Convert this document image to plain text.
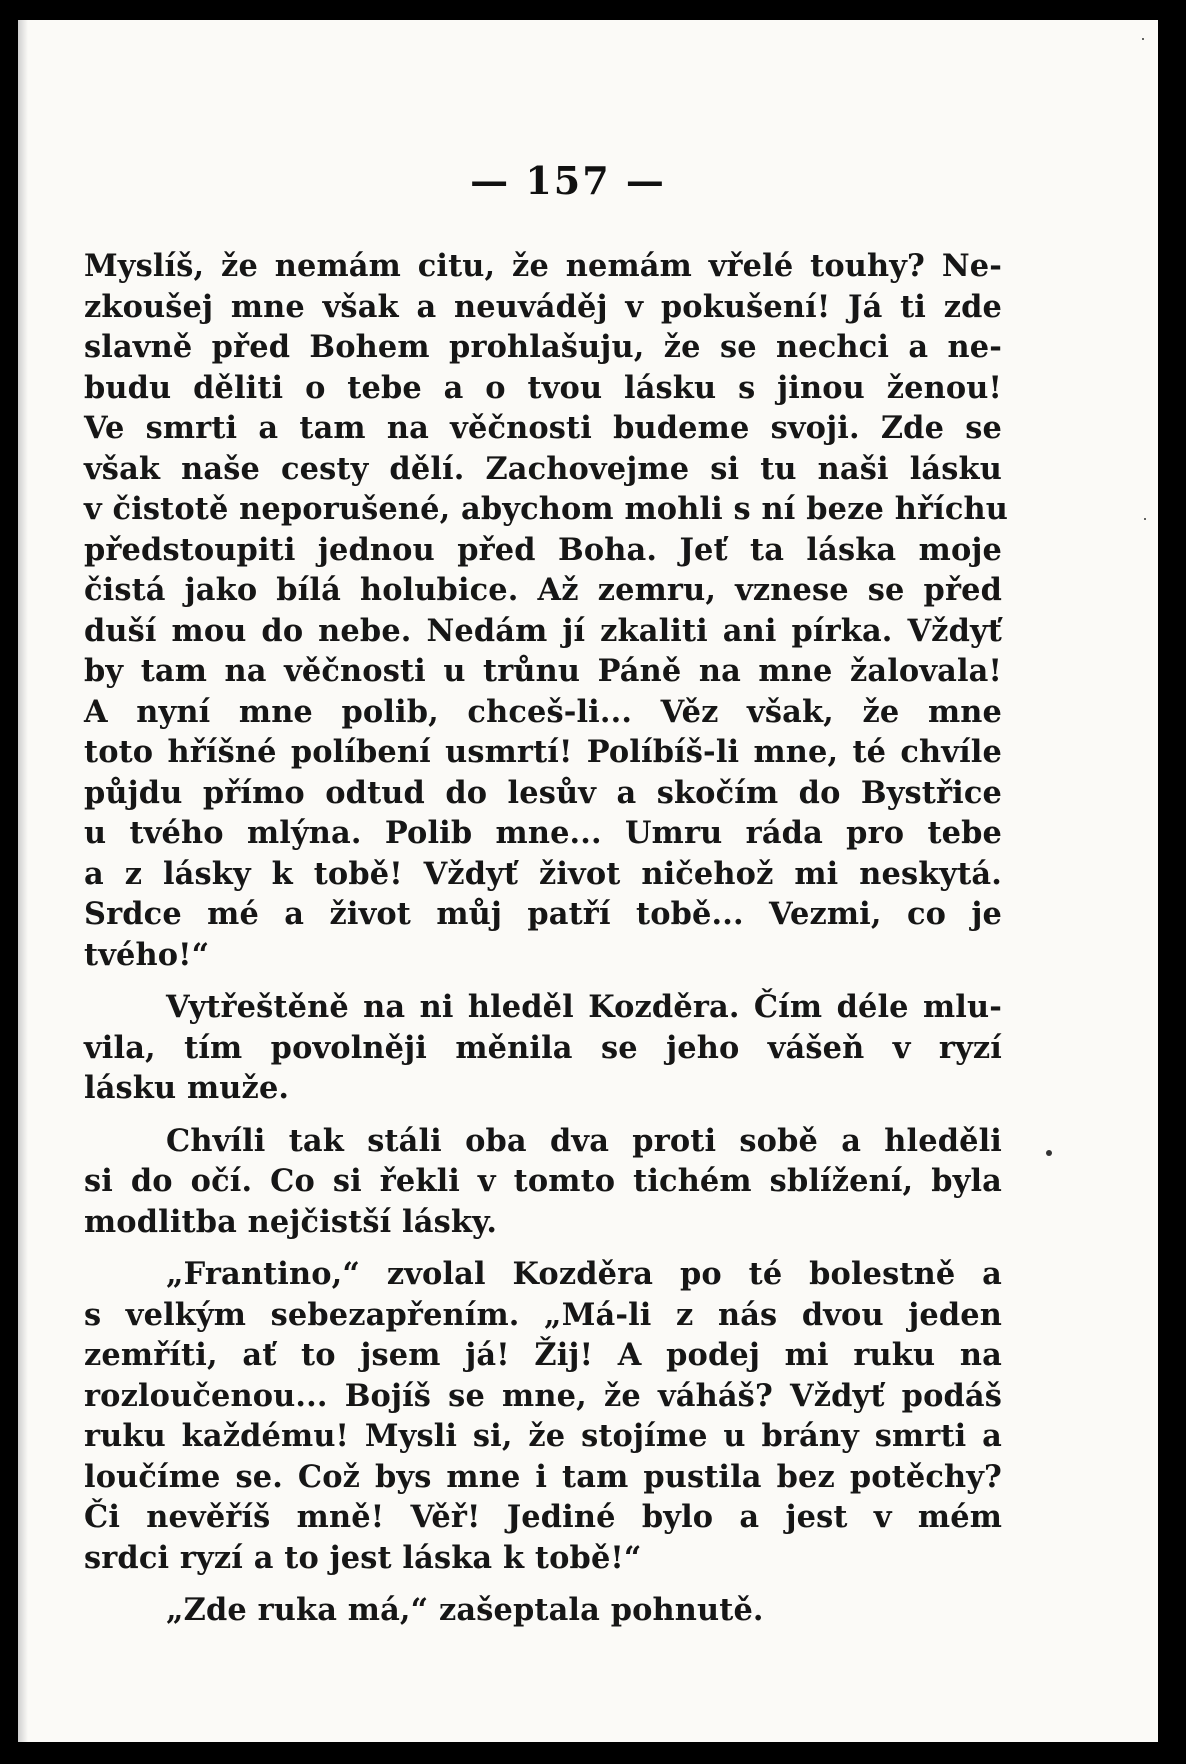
— 157 —

Myslíš, že nemám citu, že nemám vřelé touhy? Ne-
zkoušej mne však a neuváděj v pokušení! Já ti zde
slavně před Bohem prohlašuju, že se nechci a ne-
budu děliti o tebe a o tvou lásku s jinou ženou!
Ve smrti a tam na věčnosti budeme svoji. Zde se
však naše cesty dělí. Zachovejme si tu naši lásku
v čistotě neporušené, abychom mohli s ní beze hříchu
předstoupiti jednou před Boha. Jeť ta láska moje
čistá jako bílá holubice. Až zemru, vznese se před
duší mou do nebe. Nedám jí zkaliti ani pírka. Vždyť
by tam na věčnosti u trůnu Páně na mne žalovala!
A nyní mne polib, chceš-li... Věz však, že mne
toto hříšné políbení usmrtí! Políbíš-li mne, té chvíle
půjdu přímo odtud do lesův a skočím do Bystřice
u tvého mlýna. Polib mne... Umru ráda pro tebe
a z lásky k tobě! Vždyť život ničehož mi neskytá.
Srdce mé a život můj patří tobě... Vezmi, co je
tvého!“

Vytřeštěně na ni hleděl Kozděra. Čím déle mlu-
vila, tím povolněji měnila se jeho vášeň v ryzí
lásku muže.

Chvíli tak stáli oba dva proti sobě a hleděli
si do očí. Co si řekli v tomto tichém sblížení, byla
modlitba nejčistší lásky.

„Frantino,“ zvolal Kozděra po té bolestně a
s velkým sebezapřením. „Má-li z nás dvou jeden
zemříti, ať to jsem já! Žij! A podej mi ruku na
rozloučenou... Bojíš se mne, že váháš? Vždyť podáš
ruku každému! Mysli si, že stojíme u brány smrti a
loučíme se. Což bys mne i tam pustila bez potěchy?
Či nevěříš mně! Věř! Jediné bylo a jest v mém
srdci ryzí a to jest láska k tobě!“

„Zde ruka má,“ zašeptala pohnutě.
